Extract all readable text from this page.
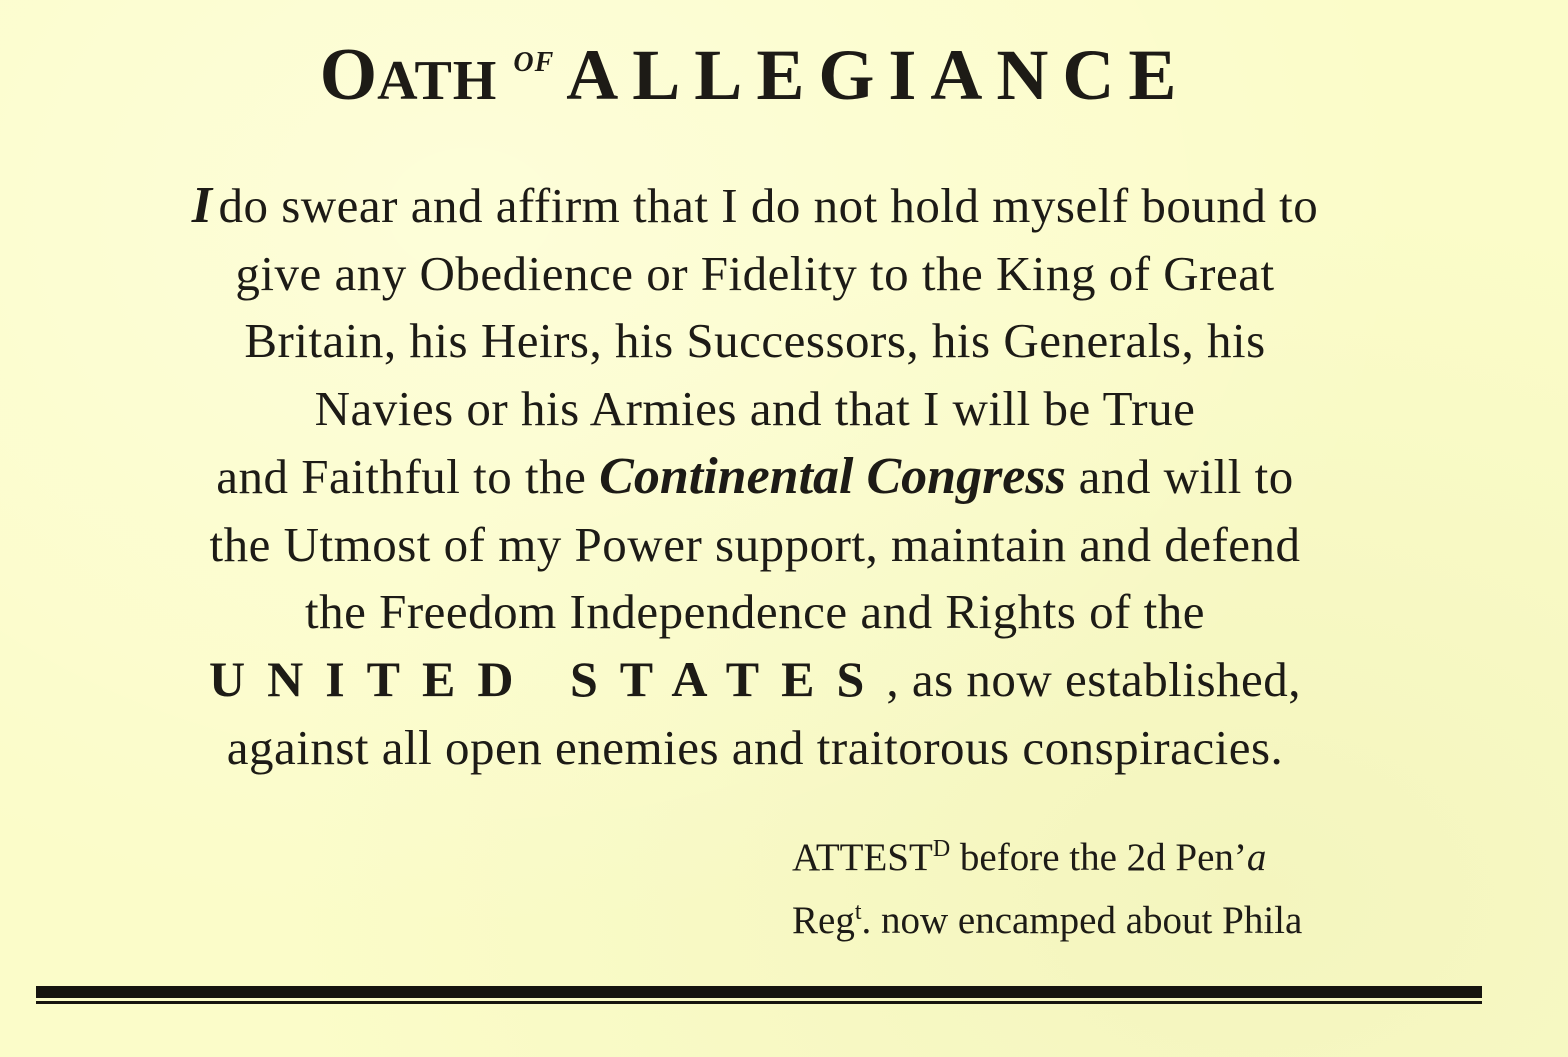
OATH OF ALLEGIANCE
I do swear and affirm that I do not hold myself bound to
give any Obedience or Fidelity to the King of Great
Britain, his Heirs, his Successors, his Generals, his
Navies or his Armies and that I will be True
and Faithful to the Continental Congress and will to
the Utmost of my Power support, maintain and defend
the Freedom Independence and Rights of the
UNITED STATES, as now established,
against all open enemies and traitorous conspiracies.
$ATTEST^D$ before the 2d Pen’a
Reg$^t$. now encamped about Phila
